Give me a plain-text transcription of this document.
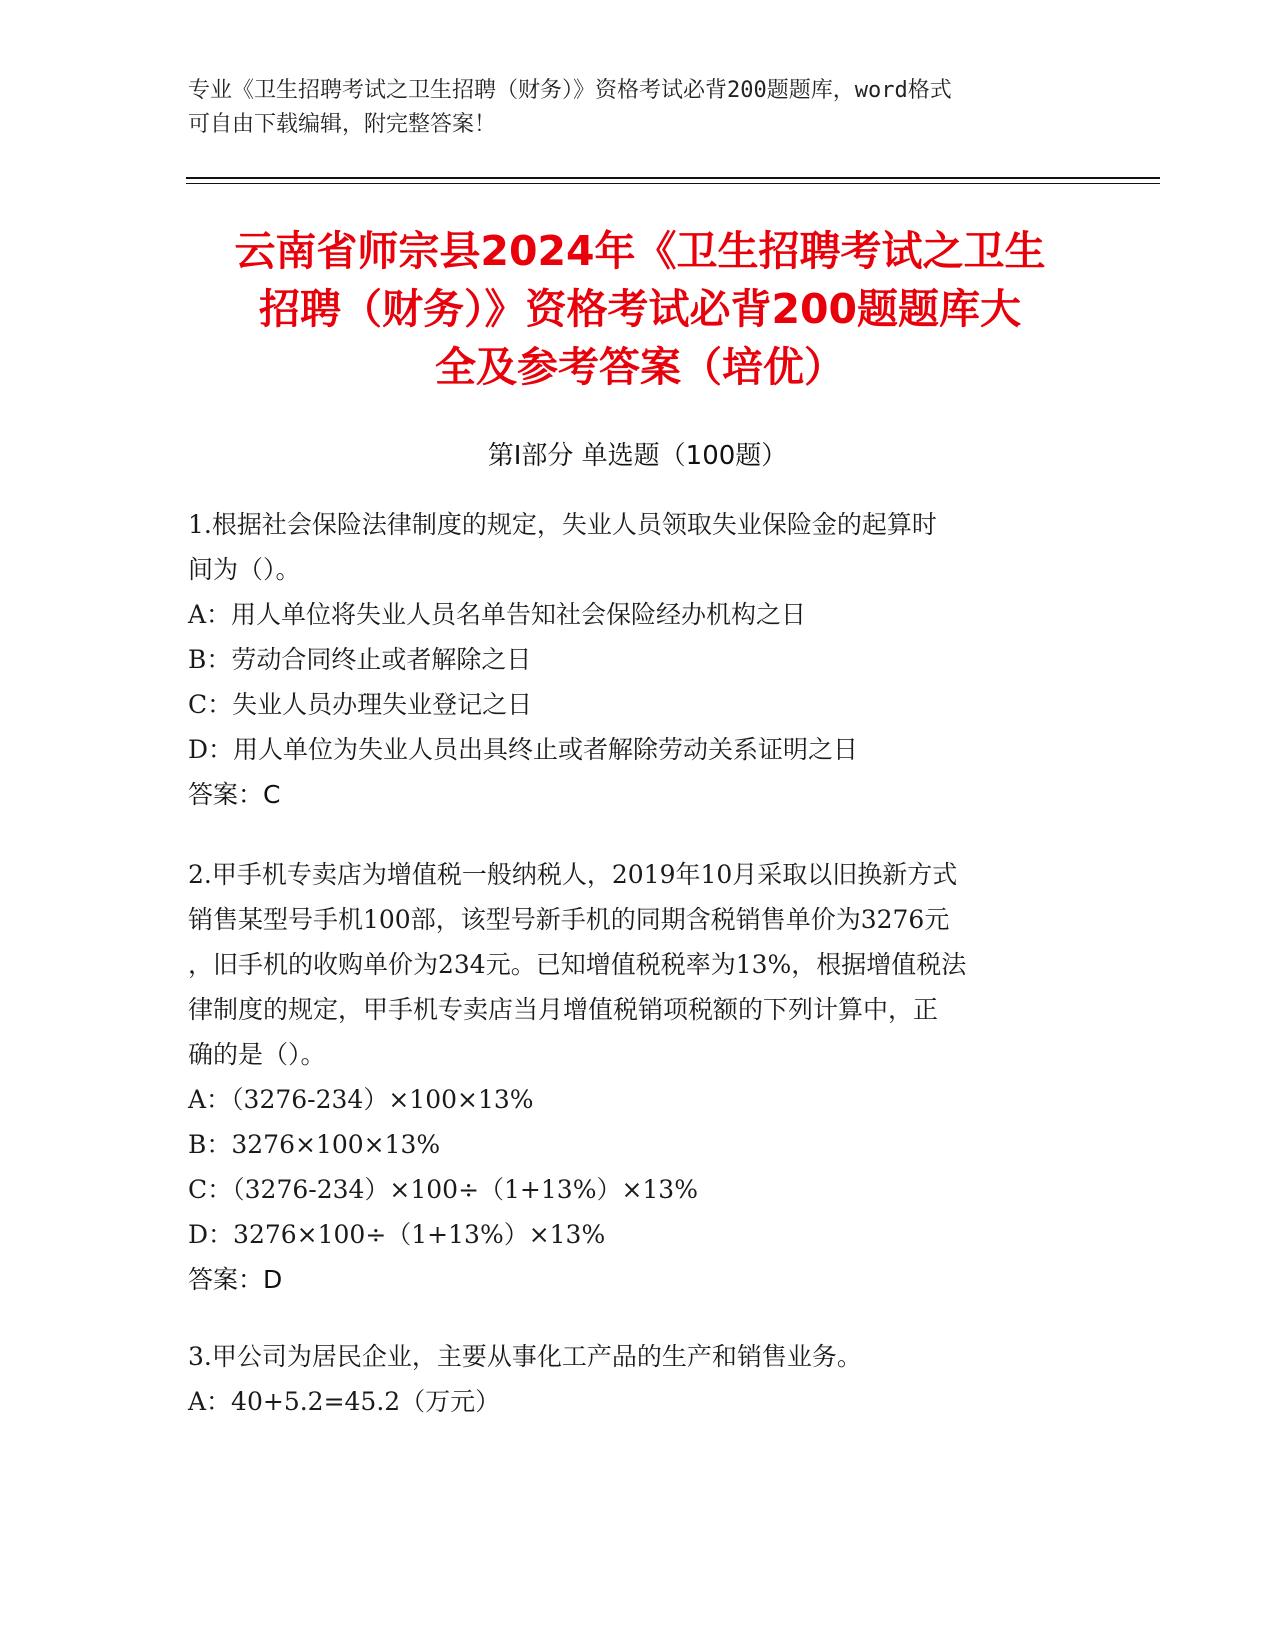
专业《卫生招聘考试之卫生招聘（财务）》资格考试必背200题题库，word格式
可自由下载编辑，附完整答案！
云南省师宗县2024年《卫生招聘考试之卫生
招聘（财务）》资格考试必背200题题库大
全及参考答案（培优）
第Ⅰ部分 单选题（100题）
1.根据社会保险法律制度的规定，失业人员领取失业保险金的起算时
间为（）。
A：用人单位将失业人员名单告知社会保险经办机构之日
B：劳动合同终止或者解除之日
C：失业人员办理失业登记之日
D：用人单位为失业人员出具终止或者解除劳动关系证明之日
答案：C
2.甲手机专卖店为增值税一般纳税人，2019年10月采取以旧换新方式
销售某型号手机100部，该型号新手机的同期含税销售单价为3276元
，旧手机的收购单价为234元。已知增值税税率为13%，根据增值税法
律制度的规定，甲手机专卖店当月增值税销项税额的下列计算中，正
确的是（）。
A：（3276-234）×100×13%
B：3276×100×13%
C：（3276-234）×100÷（1+13%）×13%
D：3276×100÷（1+13%）×13%
答案：D
3.甲公司为居民企业，主要从事化工产品的生产和销售业务。
A：40+5.2=45.2（万元）
